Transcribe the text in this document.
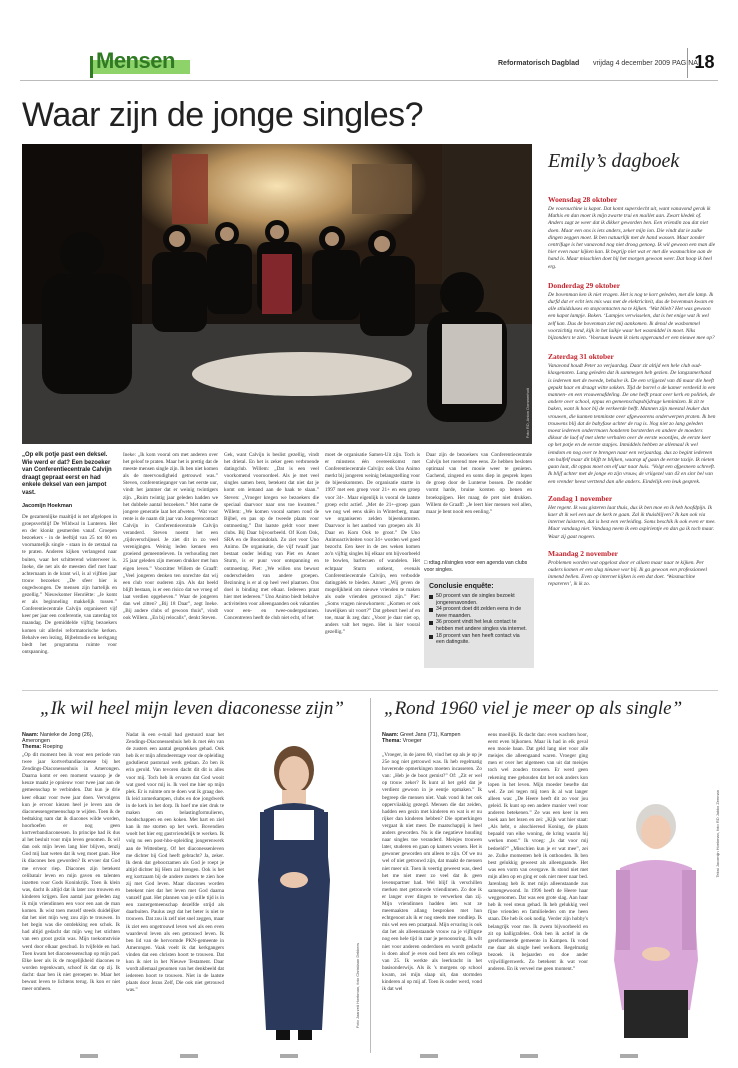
Mensen	Reformatorisch Dagblad vrijdag 4 december 2009 PAGINA
18
Waar zijn de jonge singles?
Foto RD, Anton Dommerholt
Emily’s dagboek
Woensdag 28 oktober
De voorouchine is kapot. Dat komt superslecht uit, want vanavond gerak ik Mathis en dan moet ik mijn zwarte trui en maillet aan. Zwart kledek of. Anders zagt ze weer dat ik dikker geworden ben. Een vriendin zou dat niet doen. Maar een ons is iets anders, zeker mijn ion. Die vindt dat ie zulke dingen zeggen moet. Ik ben natuurlijk met de hand wassen. Maar zonder centrifuge is het vanavond nog niet droog genoeg. Ik wil gewoon een man die hier even naar kijken kan. Ik begrijp niet wat er met die wasmachine aan de hand is. Maar misschien doet hij het morgen gewoon weer. Dat hoop ik heel erg.
Donderdag 29 oktober
De bovenman ken ik niet vragen. Het is nog te kort geleden, met die lamp. Ik durfd dat er echt iets mis was met de elektriciteit, dus de bovenman kwam en alle stluidsluses en stopcontacten na te kijken. ‘Wat blieb? Het was gewoon een kapot lampje. Boken. ‘Lampjes verwisselen, dat is het enige wat ik wel zelf kan. Dus de bovenman ziet mij aankomen. Ik denal de wasbommel voorzichtig rond, kijk in het luikje waar het wasmiddel in moet. Niks bijzonders te zien. ‘Vooruun kwam ik niets opgeraund er een nieuwe mee op?
Zaterdag 31 oktober
Vanavond houdt Peter zo verjaardag. Daar zit altijd een hele club oud-klasgenoten. Lang geleden dat ik sammegen heb gezien. De langzamerhand is iedereen met de tweede, behalve ik. De een vrijgezel van 46 maar die heeft gepakt haar en draagt witte sokken. Tijd de borrel o de kamer verdeeld in een mannen- en een vrouwenafdeling. De one helft praat over kerk en politiek, de andere over school, eppus en gemeenschapsbijdrage kemimizen. Ik zit te baken, want ik hoor bij de verkeerde helft. Mannen zijn meestal leuker dan vrouwen, die kunnen tenminste over afgewoorens onderwerpen praten. Ik ben trouwens blij dat de babyfase achter de rug is. Nog niet zo lang geleden moest iedereen onderrmaen honderen borsterden en andere de moeders dikour de luof of met slette verhalen over de eerste woordjes, de eerste keer op het potje en de eerste stapjes. Inmiddels hebben ze allemaal ik wel iemdom en nog over te brengen naar een verjaardag. dus zo begint iedereen om halfelf maar dit blijft te blijken, waarop uf gaan de eerste taxije. Ik nieten gaan laat, dit oppas moet om elf uur naar huis. ‘Volgt een afgesneen schreeft. Ik blijf achter met de jonge en zijn vrouw, de vriigezel van 43 en sinr bel van een vrender heest verttend dan alle anders. Eindelijk een leuk gesprek.
Zondag 1 november
Het regent. Ik was gisteren laat thuis, dus ik ben moe en ik heb hoofdpijn. Ik kaer dt ik wel een uur de kerk te gaan. Zal ik thuisblijven? Ik kan ook via internet luisteren, dat is best een verleiding. Soms beschik ik ook even er mee. Maar vandaag niet. Vandaag neem ik een aspirientje en dan ga ik toch maar. Waar zij gaat nogeen.
Maandag 2 november
Problemen worden wat opgelost door er allaen maar naar te kijken. Per ouders komen er een slag nieuwe wor bij. Ik ga gewoon een professioneel inmend bellen. Even op internet kijken is een dat doet. ‘Wasmachine repareren’, ik ik zo.
„Op elk potje past een deksel. Wie werd er dat? Een bezoeker van Conferentiecentrale Calvijn draagt gepraat eerst en had enkele deksel van een jampot vast.
Jacomijn Hoekman
De gezamenlijke maaltijd is net afgelopen in groepsverblijf De Wildwal in Lunteren. Het en der klonkt gesmerden vanaf. Groepen bezoekers - in de leeftijd van 25 tot 60 en voornamelijk single - staan in de zetstaal na te praten. Anderen kijken verlangend naar buiten, waar het schitterend winterweer is. Ineke, die net als de meesten dief met haar achternaam in de krant wil, is al vijftien jaar trouw bezoeker. „De sfeer hier is ongedwongen. De mensen zijn hartelijk en gezellig.” Nieuwkomer Henriëtte: „Je komt er als beginneling makkelijk tussen.” Conferentiecentrale Calvijn organiseert vijf keer per jaar een conferentie, van zaterdag tot maandag. De gemiddelde vijftig bezoekers komen uit allerlei reformatorische kerken. Behalve een lezing, Bijbelstudie en kerkgang biedt het programma ruimte voor ontspanning.
Ineke: „Ik kom vooral om met anderen over het geloof te praten. Maar het is prettig dat de meeste mensen single zijn. Ik ben niet komen als de meervoudigheid getrouwd was.” Steven, conferentieganger van het eerste uur, vindt het jammer dat er weinig twintigers zijn. „Ruim twintig jaar geleden hadden we het dubbele aantal bezoekers.” Met name de jongere generatie laat het afweten. ‘Wat voor rente is de naam dit jaar van Jongerencontact Calvijn in Conferentiecentrale Calvijn veranderd. Steven noemt het een „tijdsverschijnsel. Je ziet dit in zo veel verenigingen. Weinig leden kennen een groeiend gemeenteleven. In verhouding met 25 jaar geleden zijn mensen drukker met hun eigen leven.” Voorzitter Willem de Graaff: „Veel jongeren denken ten onrechte dat wij een club voor ouderen zijn. Als dat beeld blijft bestaan, is er een risico dat we vroeg of laat verdien opgeheven.” Waar de jongeren dan wel zitten? „Bij 18 Daar”, zegt Ineke. „Bij andere clubs of gewoon thuis”, vindt ook Willem. „En bij relocalls”, denkt Steven.
Gek, want Calvijn is beslist gezellig, vindt het drietal. En het is zeker geen verbroende datingclub. Willem: „Dat is een veel voorkomend vooroordeel. Als je met veel singles samen bent, betekent dat niet dat je komt om iemand aan de haak te slaan.” Steven: „Vroeger kregen we bezoekers die speciaal daarvoor naar ons toe kwamen.” Willem: „We komen vooral samen rond de Bijbel, en pas op de tweede plaats voor ontmoeting.” Dat laatste geldt voor meer clubs. Bij Daar bijvoorbeeld. Of Kom Ook, SRA en de Boorandolah. Zo ziet voor Uno Animo. De organisatie, die vijf twaalf jaar bestaat onder leiding van Piet en Annet Sturm, is er puur voor ontspanning en ontmoeting. Piet: „We willen ons bewust onderscheiden van andere groepen. Bezinning is er al op heel veel plaatsen. Ons doel is binding met elkaar. Iedereen praat hier met iedereen.” Uno Animo biedt behalve activiteiten voor alleengaanden ook vakanties voor een- en twee-oudergezinnen. Concentreren heeft de club niet echt, of het
moet de organisatie Samen-Uit zijn. Toch is er minstens één overeenkomst met Conferentiecentrale Calvijn: ook Uno Animo merkt bij jongeren weinig belangstelling voor de bijeenkomsten. De organisatie startte in 1997 met een groep voor 21+ en een groep voor 34+. Maar eigenlijk is vooral de laatste groep echt actief. „Met de 21+-groep gaan we nog wel eens skiën in Winterberg, maar we organiseren zelden bijeenkomsten. Daarvoor is het aanbod van groepen als Jil Daar en Kom Ook te groot.” De Uno Animoactiviteiten voor 34+ worden wel goed bezocht. Een keer in de zes weken komen zo'n vijftig singles bij elkaar om bijvoorbeeld te bowlen, barbecuen of wandelen. Het echtpaar Sturm ontkent, evenals Conferentiecentrale Calvijn, een verbodde datingplek te bieden. Annet: „Wij geven de mogelijkheid om nieuwe vrienden te maken als oude vrienden getrouwd zijn.” Piet: „Soms vragen nieuwkomers: „Komen er ook luwelijken uit voort?” Dat gebeurt heel af en toe, maar ik zeg dan: „Voorr je daar niet op, anders valt het tegen. Het is hier vooral gezellig.”
Daar zijn de bezoekers van Conferentiecentrale Calvijn het roerend mee eens. Ze hebben besloten optimaal van het mooie weer te genieten. Gachend, zingend en soms diep in gesprek lopen de groep door de Lunterse bossen. De modder vormt harde, bruine korsten op benen en broekspijpen. Het maag de pret niet drukken. Willem de Graaff: „Je leert hier mensen wel allen, maar je bent nooit een eenling.”
□ rdtag.nl/singles voor een agenda van clubs voor singles.
Conclusie enquête:
50 procent van de singles bezoekt jongerenavonden.
34 procent doet dit zelden eens in de twee maanden.
36 procent vindt het leuk contact te hebben met andere singles via internet.
18 procent van hen heeft contact via een datingsite.
„Ik wil heel mijn leven diaconesse zijn”
Naam: Nanieke de Jong (26), Amerongen
Thema: Roeping
„Op dit moment ben ik voor een periode van twee jaar kortverbandiaconesse bij het Zendings-Diaconessenhuis in Amerongen. Daarna komt er een moment waarop je de keuze maakt je opnieuw voor twee jaar aan de gemeenschap te verbinden. Dat kun je drie keer elkaar voor twee jaar doen. Vervolgens kun je ervoor kiezen heel je leven aan de diaconessengemeenschap te wijden. Toen ik de bedtaking nam dat ik diacones wilde worden, hoorhoefen er nog geen kortverbandiaconessen. In principe had ik dus al het besluit voor mijn leven genomen. Ik wil dan ook mijn leven lang hier blijven, tenzij God mij laat weten dat ik weg moet gaan. Hoe ik diacones ben geworden? Ik ervoer dat God me ervoor riep. Diacones zijn betekent celibatair leven en mijn gaven en talenten inzetten voor Gods Koninkrijk. Toen ik klein was, dacht ik altijd dat ik later zou trouwen en kinderen krijgen. Een aantal jaar geleden zag ik mijn vriendinnen een voor een aan de man komen. Ik wist toen mezelf steeds duidelijker dat het niet mijn weg zou zijn te trouwen. In het begin was die ontdekking een schok. Ik had altijd gedacht dat mijn weg het stichten van een groot gezin was. Mijn toekomstvisie werd door elkaar geschud. In tvijfelde en had. Toen kwam het diaconessenschap op mijn pad. Elke keer als ik de mogelijkheid diacones te worden tegenkwam, schoof ik dat op zij. Ik dacht: daar ben ik niet geroepen te. Maar het bewust leven te lichtens terug. Ik kon er niet meer omheen.
Nadat ik een e-mail had gestuurd naar het Zendings-Diaconessenhuis heb ik met één van de zusters een aantal gesprekken gehad. Ook heb ik er mijn afstudeerstage voor de opleiding godsdienst pastoraal werk gedaan. Zo ben ik erin gerold. Van tevoren dacht dit dit is alles voor mij. Toch heb ik ervaren dat God wooit wat goed voor mij is. Ik voel me hier op mijn plek. Er is ruimte om te doen wat ik graag doe. Ik leid zomerkampen, clubs en doe jongdwerk in de kerk in het dorp. Ik hoef me niet druk te maken om belastingformulieren, boodschappen en een koken. Met hart en ziel kan ik me storten op het werk. Bovendien woelt het hier erg gastvriendelijk te werken. Ik volg nu een post-hbo-opleiding jongerenwerk aan de Wittenberg. Of het diaconessenleven me dichter bij God heeft gebracht? Ja, zeker. Ik denk dat geboorzamen als God je roept je altijd dichter bij Hem zal brengen. Ook is het erg kortzaam bij de andere zusters te zien hoe zij met God leven. Maar diacones worden betekent niet dat het leven met God daarna vanzelf gaat. Het plannen van je stille tijd is in een zustergemeenschap dezelfde strijd als daarbuiten. Paulus zegt dat het beter is niet te trouwen. Dat zou ik zelf niet snel zeggen, maar ik ziet een ongetrouwd leven wel als een even waardevol leven als een getrouwd leven. Ik ben lid van de hervormde PKN-gemeente in Amerongen. Vaak voelt ik dat kerkgangers vinden dat een christen hoort te trouwen. Dat kon ik niet in het Nieuwe Testament. Daar wordt allemaal genomen van het denkbeeld dat iedereen hoort te trouwen. Niet in de laatste plaats door Jezus Zelf, Die ook niet getrouwd was.”	Foto Jaarzeit Hoekman, foto Christiaan Dekkers
„Rond 1960 viel je meer op als single”
Naam: Greet Jans (71), Kampen
Thema: Vroeger
„Vroeger, in de jaren 60, vind het op als je op je 25e nog niet getrouwd was. Ik heb regelmatig hoverende opmerkingen moeten incasseren. Zo van: „Heb je de boot gemist?” Of: „Zit er wel op trouw zeker? Ik kunt al het geld dat je verdient gewoon in je eentje opmaken.” Ik begreep die mensen niet. Vaak vond ik het ook opperviiakkig gezegd. Mensen die dat zeiden, hadden een gezin met kinderen en wat is er nu rijker dan kinderen hebben? Die opmerkingen vergaat ik niet meer. De maatschappij is heel anders geworden. Nu is die negatieve houding naar singles toe veranderd. Meisjes trouwen later, studeren en gaan op kamers wonen. Het is gewoner geworden om alleen te zijn. Of we nu wel of niet getrouwd zijn, dat maakt de mensen niet meer uit. Toen ik veertig geweest was, deed het me niet meer zo veel dat ik geen levenspartner had. Wel blijf ik verschillen merken met getrouwde vriendinnen. Zo doe ik er langer over dingen te verwerken dan zij. Mijn vriendinnen hadden iets wat ze meemaakten allang besproken met hun echtgenoot als ik er nog steeds mee rondliep. Ik mis wel een een praatpaal. Mijn ervaring is ook dat het als alleenstaande vrouw na je vijftigste nog een hele tijd in raar je persoonsring. Ik wilt niet voor anderen onderdoen en wordt gedacht is doen alsof je even oud bent als een collega van 25. Ik werkte als leerkracht in het basisonderwijs. Als ik 's morgens op school kwam, zei mijn slaap uit, dan stormden kinderen al op mij af. Toen ik ouder werd, vond ik dat wel
eens moeilijk. Ik dacht dan: even wachten hoor, eerst even bijkomen. Maar ik had in elk geval een mooie baan. Dat geld lang niet voor alle meisjes die alleengaand waren. Vroeger ging men er over het algemeen van uit dat meisjes toch wel zouden trouwen. Er werd geen rekening mee gehouden dat het ook anders kon lopen in het leven. Mijn moeder besefte dat wel. Ze zei tegen mij toen ik al wat langer alleen was: „De Heere heeft dit zo voor jou geleid. Ik kunt op een andere manier veel voor anderen betekenen.” Ze was een keer in een boek aan het lezen en zei: „Kijk wat hier staat: „Als hebt, o alsschiereud Koning, de plaats bepaald van elke woning, de kring waarin hij werken most.” Ik vroeg: „Is dat voor mij bedoeld?” „Misschien kun je er wat mee”, zei ze. Zulke momenten heb ik onthouden. Ik ben best gelukkig geweest als alleengaande. Het was een vorm van overgave. Ik stond niet met mijn allen op en ging er ook niet meer naar bed. Jarenlang heb ik met mijn alleenstaande zus samengewoond. In 1996 heeft de Heere haar weggenomen. Dat was een grote slag. Aan haar heb ik veel steun gehad. Ik heb gelukkig veel fijne vrienden en familieleden om me heen staan. Die heb ik ook nodig. Verder zijn hobby's belangrijk voor me. Ik zwem bijvoorbeeld en zit op kalligrafeles. Ook ben ik actief in de gereformeerde gemeente in Kampen. Ik vond me daar als single heel welkom. Regelmatig bezoek ik bejaarden en doe ander vrijwilligerswerk. Zo betekent ik wat voor anderen. En ik verveel me geen moment.”
Tekst Jacomijn Hoekman, foto RD Jakko Zeeman
